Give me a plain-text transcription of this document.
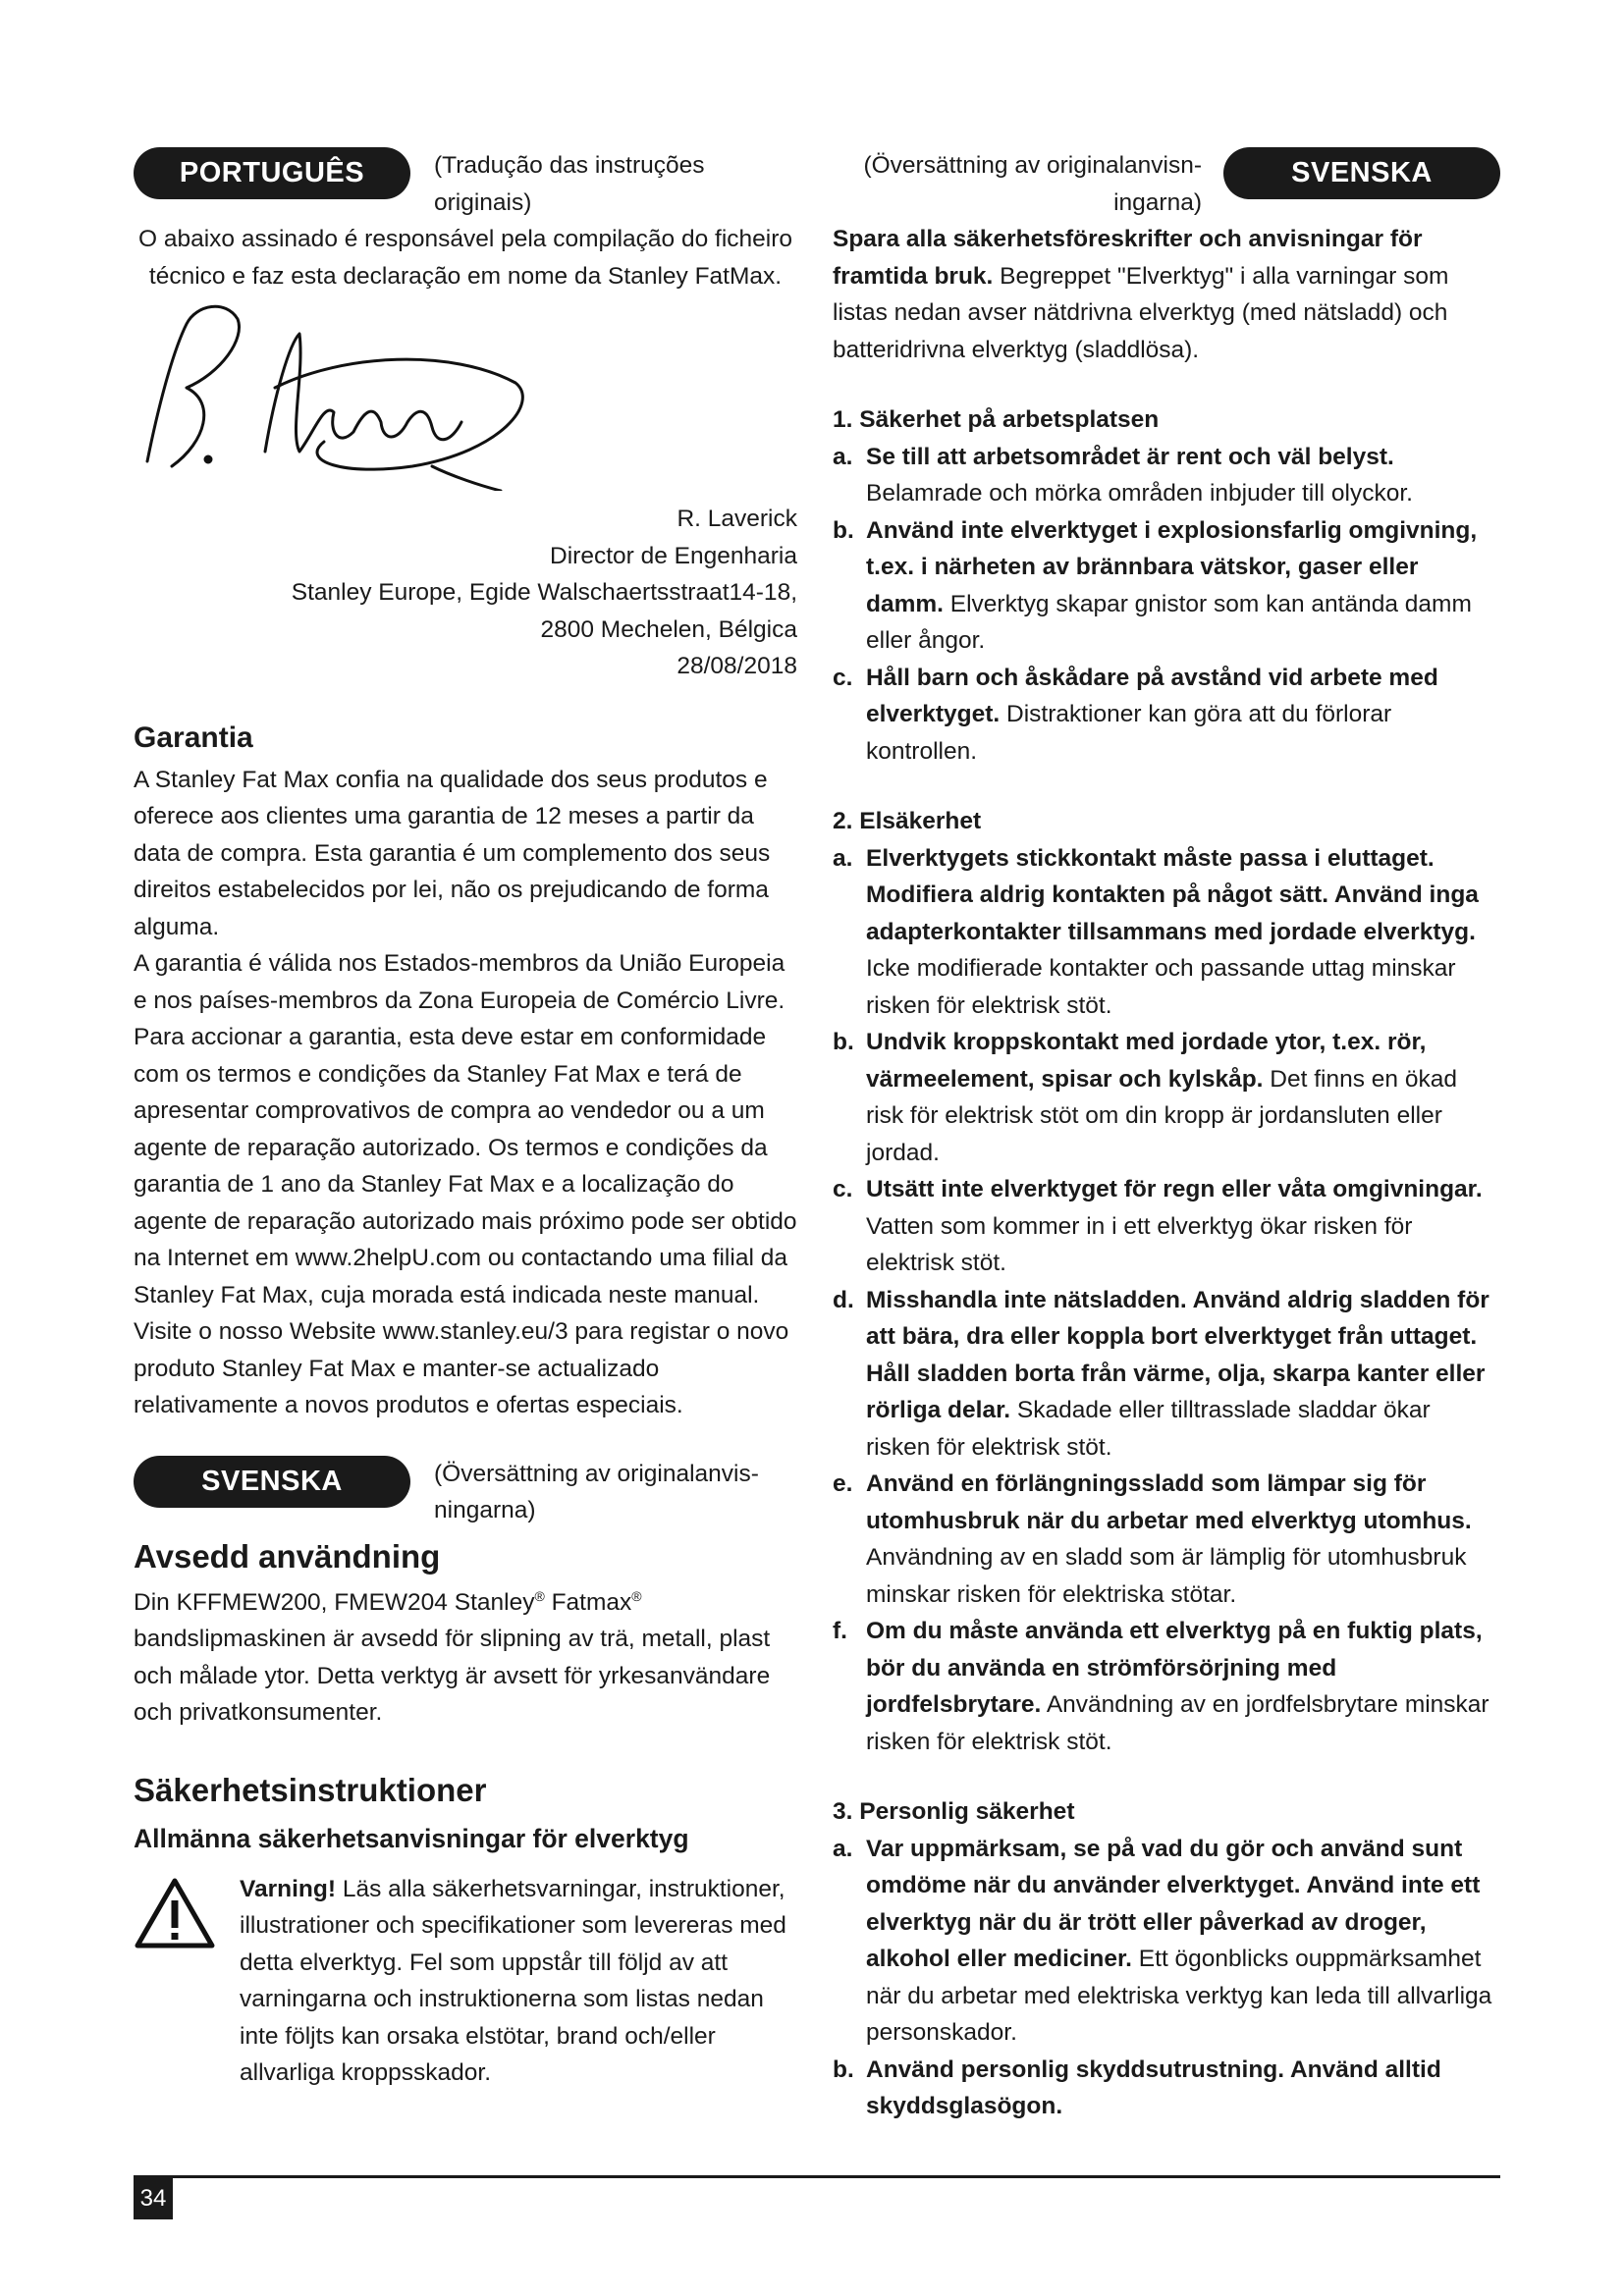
PORTUGUÊS	(Tradução das instruções originais)

O abaixo assinado é responsável pela compilação do ficheiro técnico e faz esta declaração em nome da Stanley FatMax.

R. Laverick

Director de Engenharia

Stanley Europe, Egide Walschaertsstraat14-18,

2800 Mechelen, Bélgica

28/08/2018

Garantia

A Stanley Fat Max confia na qualidade dos seus produtos e oferece aos clientes uma garantia de 12 meses a partir da data de compra. Esta garantia é um complemento dos seus direitos estabelecidos por lei, não os prejudicando de forma alguma.

A garantia é válida nos Estados-membros da União Europeia e nos países-membros da Zona Europeia de Comércio Livre. Para accionar a garantia, esta deve estar em conformidade com os termos e condições da Stanley Fat Max e terá de apresentar comprovativos de compra ao vendedor ou a um agente de reparação autorizado. Os termos e condições da garantia de 1 ano da Stanley Fat Max e a localização do agente de reparação autorizado mais próximo pode ser obtido na Internet em www.2helpU.com ou contactando uma filial da Stanley Fat Max, cuja morada está indicada neste manual. Visite o nosso Website www.stanley.eu/3 para registar o novo produto Stanley Fat Max e manter-se actualizado relativamente a novos produtos e ofertas especiais.

SVENSKA	(Översättning av originalanvis-ningarna)
Avsedd användning

Din KFFMEW200, FMEW204 Stanley® Fatmax® bandslipmaskinen är avsedd för slipning av trä, metall, plast och målade ytor. Detta verktyg är avsett för yrkesanvändare och privatkonsumenter.

Säkerhetsinstruktioner
Allmänna säkerhetsanvisningar för elverktyg

Varning! Läs alla säkerhetsvarningar, instruktioner, illustrationer och specifikationer som levereras med detta elverktyg. Fel som uppstår till följd av att varningarna och instruktionerna som listas nedan inte följts kan orsaka elstötar, brand och/eller allvarliga kroppsskador.

(Översättning av originalanvisn-ingarna)
SVENSKA

Spara alla säkerhetsföreskrifter och anvisningar för framtida bruk. Begreppet "Elverktyg" i alla varningar som listas nedan avser nätdrivna elverktyg (med nätsladd) och batteridrivna elverktyg (sladdlösa).

1. Säkerhet på arbetsplatsen
a. Se till att arbetsområdet är rent och väl belyst. Belamrade och mörka områden inbjuder till olyckor.
b. Använd inte elverktyget i explosionsfarlig omgivning, t.ex. i närheten av brännbara vätskor, gaser eller damm. Elverktyg skapar gnistor som kan antända damm eller ångor.
c. Håll barn och åskådare på avstånd vid arbete med elverktyget. Distraktioner kan göra att du förlorar kontrollen.
2. Elsäkerhet
a. Elverktygets stickkontakt måste passa i eluttaget. Modifiera aldrig kontakten på något sätt. Använd inga adapterkontakter tillsammans med jordade elverktyg. Icke modifierade kontakter och passande uttag minskar risken för elektrisk stöt.
b. Undvik kroppskontakt med jordade ytor, t.ex. rör, värmeelement, spisar och kylskåp. Det finns en ökad risk för elektrisk stöt om din kropp är jordansluten eller jordad.
c. Utsätt inte elverktyget för regn eller våta omgivningar. Vatten som kommer in i ett elverktyg ökar risken för elektrisk stöt.
d. Misshandla inte nätsladden. Använd aldrig sladden för att bära, dra eller koppla bort elverktyget från uttaget. Håll sladden borta från värme, olja, skarpa kanter eller rörliga delar. Skadade eller tilltrasslade sladdar ökar risken för elektrisk stöt.
e. Använd en förlängningssladd som lämpar sig för utomhusbruk när du arbetar med elverktyg utomhus. Användning av en sladd som är lämplig för utomhusbruk minskar risken för elektriska stötar.
f. Om du måste använda ett elverktyg på en fuktig plats, bör du använda en strömförsörjning med jordfelsbrytare. Användning av en jordfelsbrytare minskar risken för elektrisk stöt.
3. Personlig säkerhet
a. Var uppmärksam, se på vad du gör och använd sunt omdöme när du använder elverktyget. Använd inte ett elverktyg när du är trött eller påverkad av droger, alkohol eller mediciner. Ett ögonblicks ouppmärksamhet när du arbetar med elektriska verktyg kan leda till allvarliga personskador.
b. Använd personlig skyddsutrustning. Använd alltid skyddsglasögon.
34
